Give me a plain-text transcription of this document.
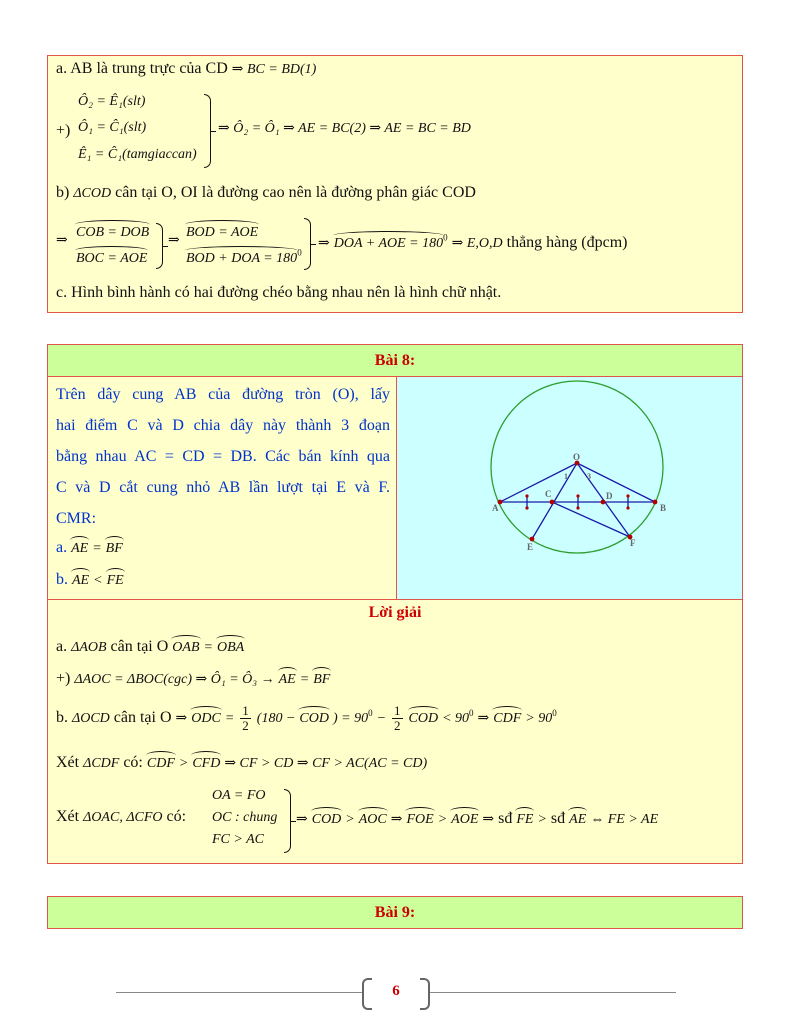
a. AB là trung trực của CD ⇒ BC = BD(1)
+)
Ô₂ = Ê₁(slt)
Ô₁ = Ĉ₁(slt)
Ê₁ = Ĉ₁(tamgiaccan)
⇒ Ô₂ = Ô₁ ⇒ AE = BC(2) ⇒ AE = BC = BD
b) ΔCOD cân tại O, OI là đường cao nên là đường phân giác COD
⇒
COB = DOB
BOC = AOE
⇒
BOD = AOE
BOD + DOA = $180^0$
⇒ DOA + AOE = $180^0$ ⇒ E,O,D thẳng hàng (đpcm)
c. Hình bình hành có hai đường chéo bằng nhau nên là hình chữ nhật.
Bài 8:
Trên dây cung AB của đường tròn (O), lấy
hai điểm C và D chia dây này thành 3 đoạn
bằng nhau AC = CD = DB. Các bán kính qua
C và D cắt cung nhỏ AB lần lượt tại E và F.
CMR:
a. AE = BF
b. AE < FE
O
A	B
C	D
E	F
1 3
Lời giải
a. ΔAOB cân tại O OAB = OBA
+) ΔAOC = ΔBOC(cgc) ⇒ Ô₁ = Ô₃ → AE = BF
b. ΔOCD cân tại O ⇒ ODC = $\frac{1}{2} (180$ − COD ) = $90^0 - \frac{1}{2}$ COD < $90^0$ ⇒ CDF > $90^0$
Xét ΔCDF có: CDF > CFD ⇒ CF > CD ⇒ CF > AC(AC = CD)
Xét ΔOAC, ΔCFO có:
OA = FO
OC : chung
FC > AC
⇒ COD > AOC ⇒ FOE > AOE ⇒ sđ FE > sđ AE ⇔ FE > AE
Bài 9:
6
